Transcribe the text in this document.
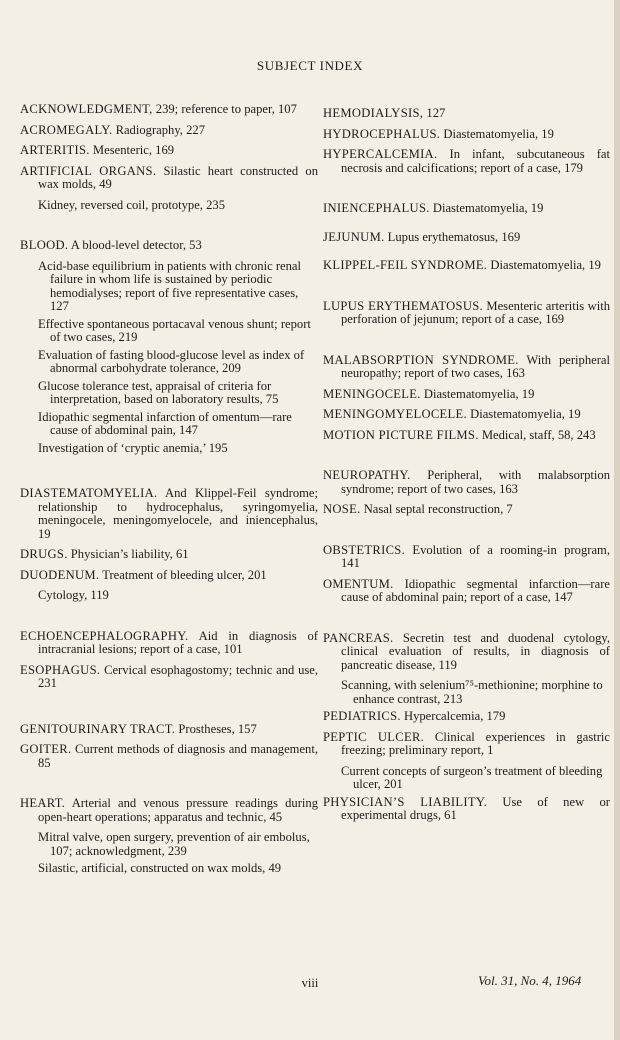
SUBJECT INDEX

ACKNOWLEDGMENT, 239; reference to paper, 107

ACROMEGALY. Radiography, 227

ARTERITIS. Mesenteric, 169

ARTIFICIAL ORGANS. Silastic heart constructed on wax molds, 49

Kidney, reversed coil, prototype, 235

BLOOD. A blood-level detector, 53

Acid-base equilibrium in patients with chronic renal failure in whom life is sustained by periodic hemodialyses; report of five representative cases, 127

Effective spontaneous portacaval venous shunt; report of two cases, 219

Evaluation of fasting blood-glucose level as index of abnormal carbohydrate tolerance, 209

Glucose tolerance test, appraisal of criteria for interpretation, based on laboratory results, 75

Idiopathic segmental infarction of omentum—rare cause of abdominal pain, 147

Investigation of ‘cryptic anemia,’ 195

DIASTEMATOMYELIA. And Klippel-Feil syndrome; relationship to hydrocephalus, syringomyelia, meningocele, meningomyelocele, and iniencephalus, 19

DRUGS. Physician’s liability, 61

DUODENUM. Treatment of bleeding ulcer, 201

Cytology, 119

ECHOENCEPHALOGRAPHY. Aid in diagnosis of intracranial lesions; report of a case, 101

ESOPHAGUS. Cervical esophagostomy; technic and use, 231

GENITOURINARY TRACT. Prostheses, 157

GOITER. Current methods of diagnosis and management, 85

HEART. Arterial and venous pressure readings during open-heart operations; apparatus and technic, 45

Mitral valve, open surgery, prevention of air embolus, 107; acknowledgment, 239

Silastic, artificial, constructed on wax molds, 49

HEMODIALYSIS, 127

HYDROCEPHALUS. Diastematomyelia, 19

HYPERCALCEMIA. In infant, subcutaneous fat necrosis and calcifications; report of a case, 179

INIENCEPHALUS. Diastematomyelia, 19

JEJUNUM. Lupus erythematosus, 169

KLIPPEL-FEIL SYNDROME. Diastematomyelia, 19

LUPUS ERYTHEMATOSUS. Mesenteric arteritis with perforation of jejunum; report of a case, 169

MALABSORPTION SYNDROME. With peripheral neuropathy; report of two cases, 163

MENINGOCELE. Diastematomyelia, 19

MENINGOMYELOCELE. Diastematomyelia, 19

MOTION PICTURE FILMS. Medical, staff, 58, 243

NEUROPATHY. Peripheral, with malabsorption syndrome; report of two cases, 163

NOSE. Nasal septal reconstruction, 7

OBSTETRICS. Evolution of a rooming-in program, 141

OMENTUM. Idiopathic segmental infarction—rare cause of abdominal pain; report of a case, 147

PANCREAS. Secretin test and duodenal cytology, clinical evaluation of results, in diagnosis of pancreatic disease, 119

Scanning, with selenium⁷⁵-methionine; morphine to enhance contrast, 213

PEDIATRICS. Hypercalcemia, 179

PEPTIC ULCER. Clinical experiences in gastric freezing; preliminary report, 1

Current concepts of surgeon’s treatment of bleeding ulcer, 201

PHYSICIAN’S LIABILITY. Use of new or experimental drugs, 61

viii	Vol. 31, No. 4, 1964
